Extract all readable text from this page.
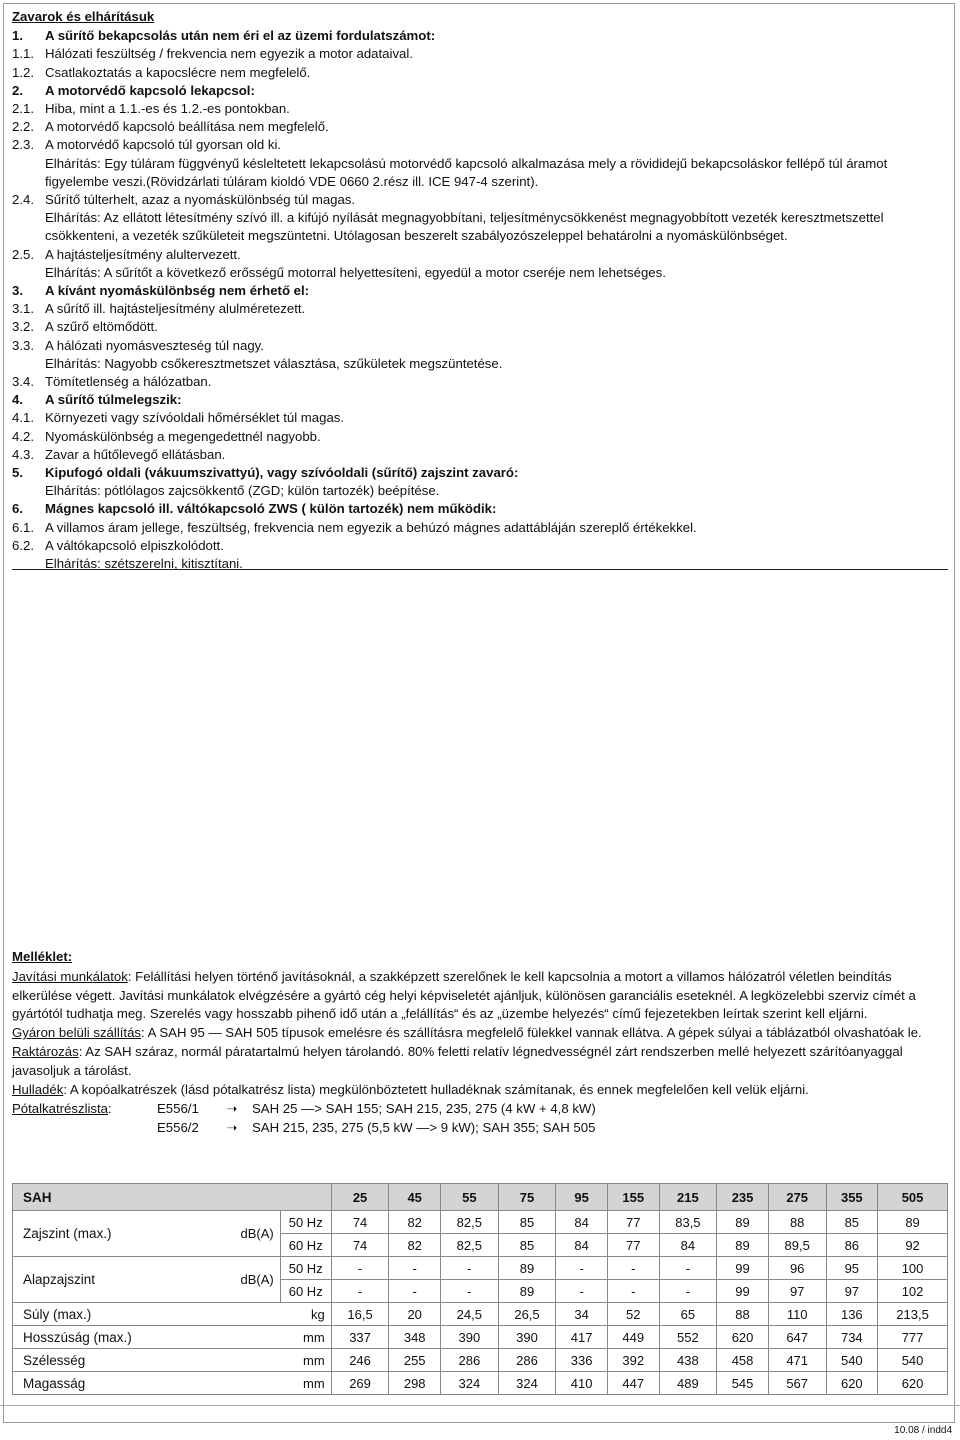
Zavarok és elhárításuk
1.	A sűrítő bekapcsolás után nem éri el az üzemi fordulatszámot:
1.1. Hálózati feszültség / frekvencia nem egyezik a motor adataival.
1.2. Csatlakoztatás a kapocslécre nem megfelelő.
2.	A motorvédő kapcsoló lekapcsol:
2.1. Hiba, mint a 1.1.-es és 1.2.-es pontokban.
2.2. A motorvédő kapcsoló beállítása nem megfelelő.
2.3. A motorvédő kapcsoló túl gyorsan old ki.
Elhárítás: Egy túláram függvényű késleltetett lekapcsolású motorvédő kapcsoló alkalmazása mely a rövididejű bekapcsoláskor fellépő túl áramot figyelembe veszi.(Rövidzárlati túláram kioldó VDE 0660 2.rész ill. ICE 947-4 szerint).
2.4. Sűrítő túlterhelt, azaz a nyomáskülönbség túl magas.
Elhárítás: Az ellátott létesítmény szívó ill. a kifújó nyílását megnagyobbítani, teljesítménycsökkenést megnagyobbított vezeték keresztmetszettel csökkenteni, a vezeték szűkületeit megszüntetni. Utólagosan beszerelt szabályozószeleppel behatárolni a nyomáskülönbséget.
2.5. A hajtásteljesítmény alultervezett.
Elhárítás: A sűrítőt a következő erősségű motorral helyettesíteni, egyedül a motor cseréje nem lehetséges.
3.	A kívánt nyomáskülönbség nem érhető el:
3.1. A sűrítő ill. hajtásteljesítmény alulméretezett.
3.2. A szűrő eltömődött.
3.3. A hálózati nyomásveszteség túl nagy.
Elhárítás: Nagyobb csőkeresztmetszet választása, szűkületek megszüntetése.
3.4. Tömítetlenség a hálózatban.
4.	A sűrítő túlmelegszik:
4.1. Környezeti vagy szívóoldali hőmérséklet túl magas.
4.2. Nyomáskülönbség a megengedettnél nagyobb.
4.3. Zavar a hűtőlevegő ellátásban.
5.	Kipufogó oldali (vákuumszivattyú), vagy szívóoldali (sűrítő) zajszint zavaró:
Elhárítás: pótlólagos zajcsökkentő (ZGD; külön tartozék) beépítése.
6.	Mágnes kapcsoló ill. váltókapcsoló ZWS ( külön tartozék) nem működik:
6.1. A villamos áram jellege, feszültség, frekvencia nem egyezik a behúzó mágnes adattábláján szereplő értékekkel.
6.2. A váltókapcsoló elpiszkolódott.
Elhárítás: szétszerelni, kitisztítani.
Melléklet:

Javítási munkálatok: Felállítási helyen történő javításoknál, a szakképzett szerelőnek le kell kapcsolnia a motort a villamos hálózatról véletlen beindítás elkerülése végett. Javítási munkálatok elvégzésére a gyártó cég helyi képviseletét ajánljuk, különösen garanciális eseteknél. A legközelebbi szerviz címét a gyártótól tudhatja meg. Szerelés vagy hosszabb pihenő idő után a „felállítás“ és az „üzembe helyezés“ című fejezetekben leírtak szerint kell eljárni.

Gyáron belüli szállítás: A SAH 95 — SAH 505 típusok emelésre és szállításra megfelelő fülekkel vannak ellátva. A gépek súlyai a táblázatból olvashatóak le.

Raktározás: Az SAH száraz, normál páratartalmú helyen tárolandó. 80% feletti relatív légnedvességnél zárt rendszerben mellé helyezett szárítóanyaggal javasoljuk a tárolást.

Hulladék: A kopóalkatrészek (lásd pótalkatrész lista) megkülönböztetett hulladéknak számítanak, és ennek megfelelően kell velük eljárni.

Pótalkatrészlista:	E556/1	➝	SAH 25 —> SAH 155; SAH 215, 235, 275 (4 kW + 4,8 kW)
E556/2	➝	SAH 215, 235, 275 (5,5 kW —> 9 kW); SAH 355; SAH 505
SAH			25	45	55	75	95	155	215	235	275	355	505
Zajszint (max.)	dB(A)	50 Hz	74	82	82,5	85	84	77	83,5	89	88	85	89
		60 Hz	74	82	82,5	85	84	77	84	89	89,5	86	92
Alapzajszint	dB(A)	50 Hz	-	-	-	89	-	-	-	99	96	95	100
		60 Hz	-	-	-	89	-	-	-	99	97	97	102
Súly (max.)	kg		16,5	20	24,5	26,5	34	52	65	88	110	136	213,5
Hosszúság (max.)	mm		337	348	390	390	417	449	552	620	647	734	777
Szélesség	mm		246	255	286	286	336	392	438	458	471	540	540
Magasság	mm		269	298	324	324	410	447	489	545	567	620	620
10.08 / indd4
